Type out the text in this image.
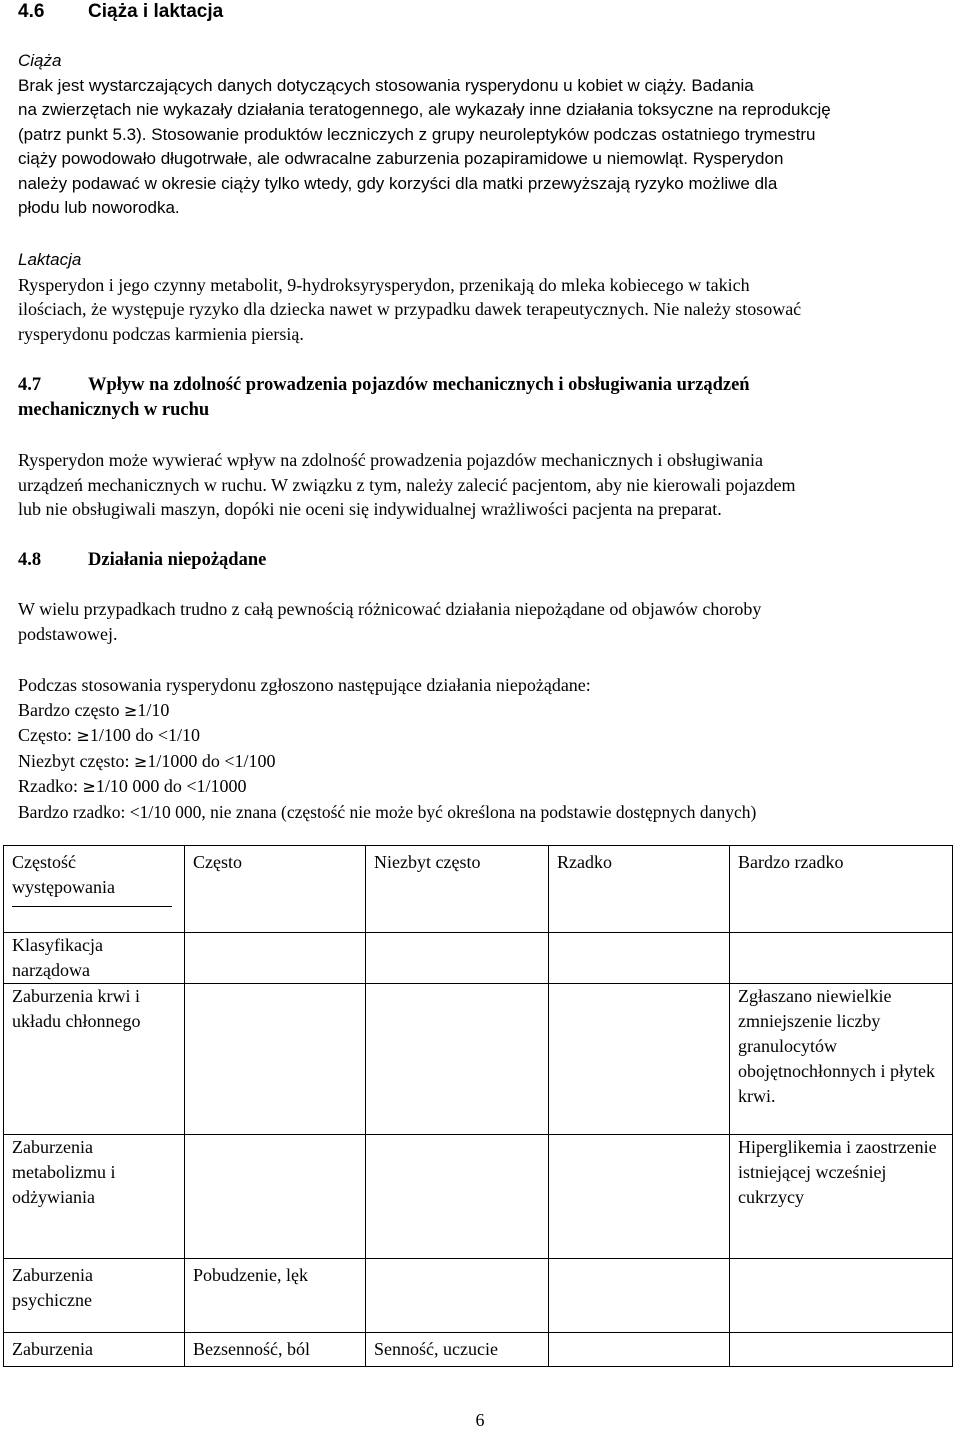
4.6 Ciąża i laktacja

Ciąża

Brak jest wystarczających danych dotyczących stosowania rysperydonu u kobiet w ciąży. Badania

na zwierzętach nie wykazały działania teratogennego, ale wykazały inne działania toksyczne na reprodukcję

(patrz punkt 5.3). Stosowanie produktów leczniczych z grupy neuroleptyków podczas ostatniego trymestru

ciąży powodowało długotrwałe, ale odwracalne zaburzenia pozapiramidowe u niemowląt. Rysperydon

należy podawać w okresie ciąży tylko wtedy, gdy korzyści dla matki przewyższają ryzyko możliwe dla

płodu lub noworodka.

Laktacja

Rysperydon i jego czynny metabolit, 9-hydroksyrysperydon, przenikają do mleka kobiecego w takich

ilościach, że występuje ryzyko dla dziecka nawet w przypadku dawek terapeutycznych. Nie należy stosować

rysperydonu podczas karmienia piersią.

4.7	Wpływ na zdolność prowadzenia pojazdów mechanicznych i obsługiwania urządzeń

mechanicznych w ruchu

Rysperydon może wywierać wpływ na zdolność prowadzenia pojazdów mechanicznych i obsługiwania

urządzeń mechanicznych w ruchu. W związku z tym, należy zalecić pacjentom, aby nie kierowali pojazdem

lub nie obsługiwali maszyn, dopóki nie oceni się indywidualnej wrażliwości pacjenta na preparat.

4.8	Działania niepożądane

W wielu przypadkach trudno z całą pewnością różnicować działania niepożądane od objawów choroby

podstawowej.

Podczas stosowania rysperydonu zgłoszono następujące działania niepożądane:

Bardzo często ≥1/10

Często: ≥1/100 do <1/10

Niezbyt często: ≥1/1000 do <1/100

Rzadko: ≥1/10 000 do <1/1000

Bardzo rzadko: <1/10 000, nie znana (częstość nie może być określona na podstawie dostępnych danych)

Częstość występowania	Często	Niezbyt często	Rzadko	Bardzo rzadko
Klasyfikacja narządowa				
Zaburzenia krwi i układu chłonnego				Zgłaszano niewielkie zmniejszenie liczby granulocytów obojętnochłonnych i płytek krwi.
Zaburzenia metabolizmu i odżywiania				Hiperglikemia i zaostrzenie istniejącej wcześniej cukrzycy
Zaburzenia psychiczne	Pobudzenie, lęk			
Zaburzenia	Bezsenność, ból	Senność, uczucie		
6
